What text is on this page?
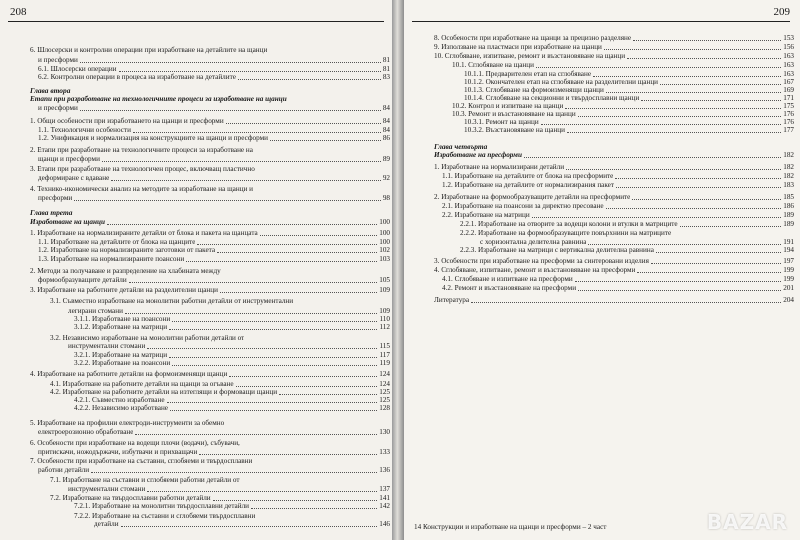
208
6. Шлосерски и контролни операции при изработване на детайлите на щанци
и пресформи	81
6.1. Шлосерски операции	81
6.2. Контролни операции в процеса на изработване на детайлите	83
Глава втора
Етапи при разработване на технологичните процеси за изработване на щанци
и пресформи	84
1. Общи особености при изработването на щанци и пресформи	84
1.1. Технологични особености	84
1.2. Унификация и нормализация на конструкциите на щанци и пресформи	86
2. Етапи при разработване на технологичните процеси за изработване на
щанци и пресформи	89
3. Етапи при разработване на технологичен процес, включващ пластично
деформиране с вдаване	92
4. Технико-икономически анализ на методите за изработване на щанци и
пресформи	98
Глава трета
Изработване на щанци	100
1. Изработване на нормализираните детайли от блока и пакета на щанцата	100
1.1. Изработване на детайлите от блока на щанците	100
1.2. Изработване на нормализираните заготовки от пакета	102
1.3. Изработване на нормализираните поансони	103
2. Методи за получаване и разпределение на хлабината между
формообразуващите детайли	105
3. Изработване на работните детайли на разделителни щанци	109
3.1. Съвместно изработване на монолитни работни детайли от инструментални
легирани стомани	109
3.1.1. Изработване на поансони	110
3.1.2. Изработване на матрици	112
3.2. Независимо изработване на монолитни работни детайли от
инструментални стомани	115
3.2.1. Изработване на матрици	117
3.2.2. Изработване на поансони	119
4. Изработване на работните детайли на формоизменящи щанци	124
4.1. Изработване на работните детайли на щанци за огъване	124
4.2. Изработване на работните детайли на изтеглящи и формоващи щанци	125
4.2.1. Съвместно изработване	125
4.2.2. Независимо изработване	128
5. Изработване на профилни електроди-инструменти за обемно
електроерозионно обработване	130
6. Особености при изработване на водещи плочи (водачи), събувачи,
притискачи, ножодържачи, избутвачи и прихващачи	133
7. Особености при изработване на съставни, сглобяеми и твърдосплавни
работни детайли	136
7.1. Изработване на съставни и сглобяеми работни детайли от
инструментални стомани	137
7.2. Изработване на твърдосплавни работни детайли	141
7.2.1. Изработване на монолитни твърдосплавни детайли	142
7.2.2. Изработване на съставни и сглобяеми твърдосплавни
детайли	146
209
8. Особености при изработване на щанци за прецизно разделяне	153
9. Използване на пластмаси при изработване на щанци	156
10. Сглобяване, изпитване, ремонт и възстановяване на щанци	163
10.1. Сглобяване на щанци	163
10.1.1. Предварителен етап на сглобяване	163
10.1.2. Окончателен етап на сглобяване на разделителни щанци	167
10.1.3. Сглобяване на формоизменящи щанци	169
10.1.4. Сглобяване на секционни и твърдосплавни щанци	171
10.2. Контрол и изпитване на щанци	175
10.3. Ремонт и възстановяване на щанци	176
10.3.1. Ремонт на щанци	176
10.3.2. Възстановяване на щанци	177
Глава четвърта
Изработване на пресформи	182
1. Изработване на нормализирани детайли	182
1.1. Изработване на детайлите от блока на пресформите	182
1.2. Изработване на детайлите от нормализирания пакет	183
2. Изработване на формообразуващите детайли на пресформите	185
2.1. Изработване на поансони за директно пресоване	186
2.2. Изработване на матрици	189
2.2.1. Изработване на отворите за водещи колони и втулки в матриците	189
2.2.2. Изработване на формообразуващите повърхнини на матриците
с хоризонтална делителна равнина	191
2.2.3. Изработване на матрици с вертикална делителна равнина	194
3. Особености при изработване на пресформи за синтеровани изделия	197
4. Сглобяване, изпитване, ремонт и възстановяване на пресформи	199
4.1. Сглобяване и изпитване на пресформи	199
4.2. Ремонт и възстановяване на пресформи	201
Литература	204
14 Конструкции и изработване на щанци и пресформи – 2 част	BAZAR
